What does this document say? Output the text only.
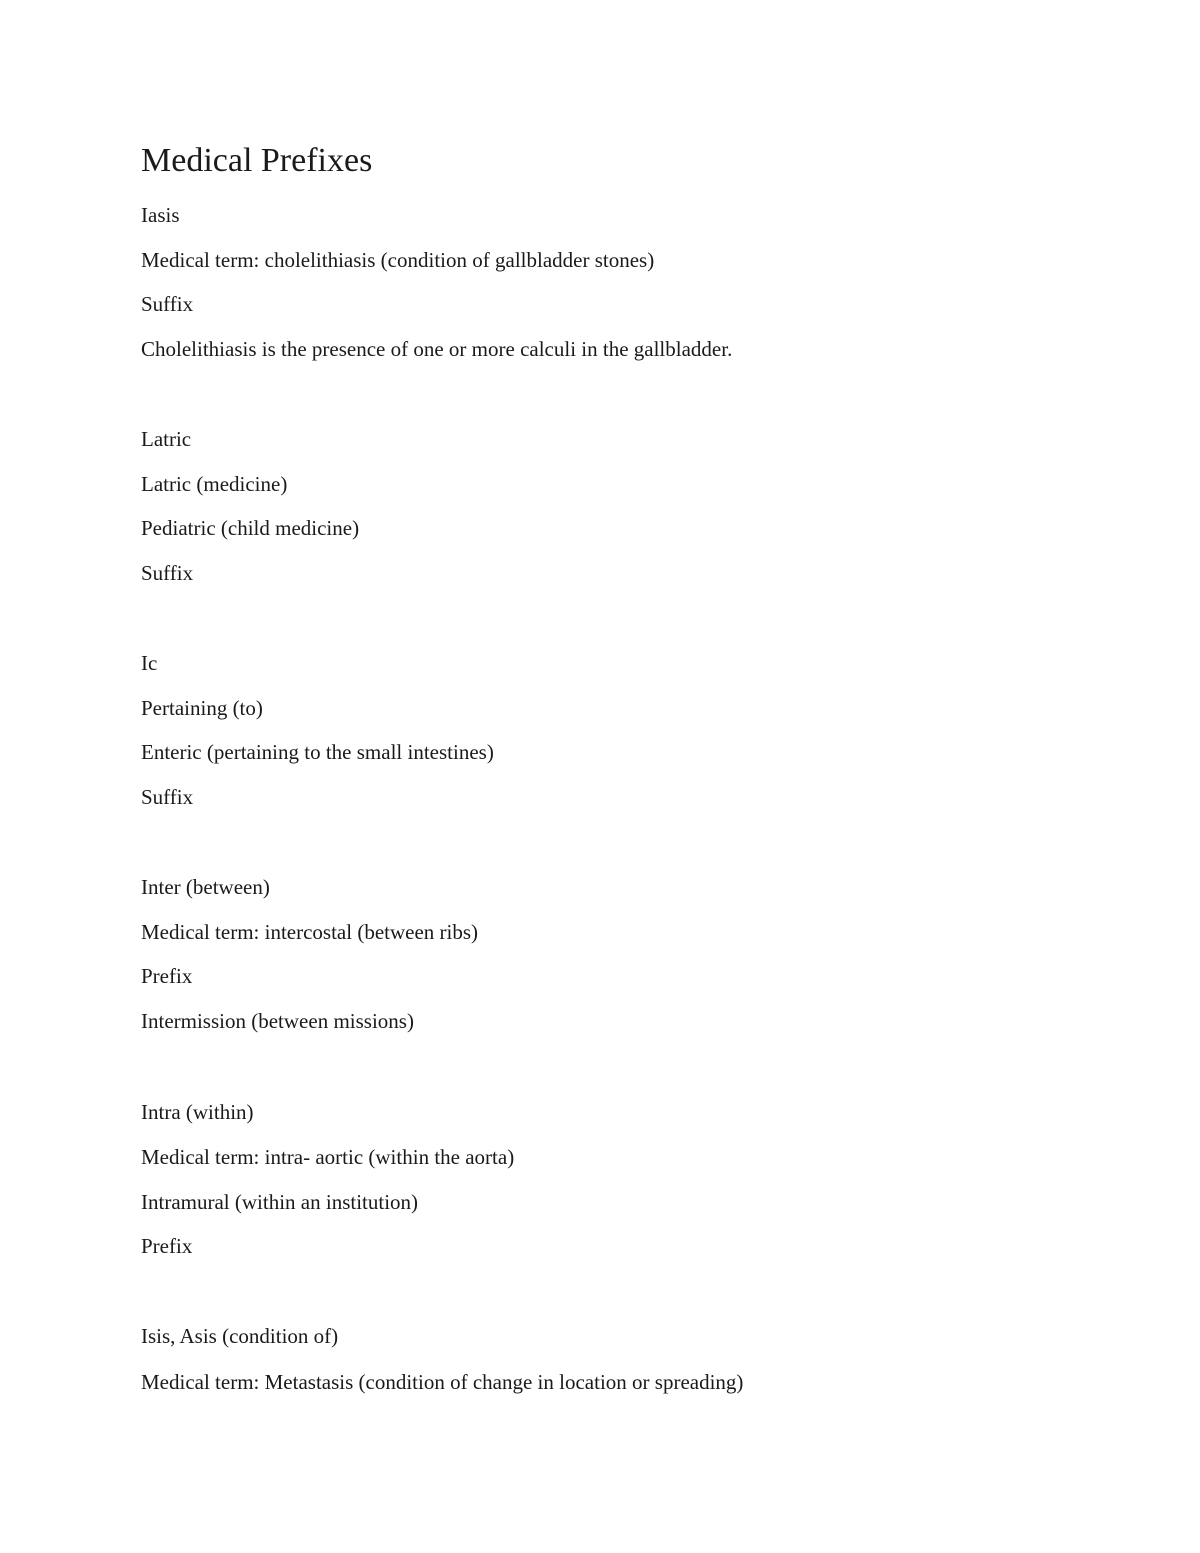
Medical Prefixes

Iasis

Medical term: cholelithiasis (condition of gallbladder stones)

Suffix

Cholelithiasis is the presence of one or more calculi in the gallbladder.

Latric

Latric (medicine)

Pediatric (child medicine)

Suffix

Ic

Pertaining (to)

Enteric (pertaining to the small intestines)

Suffix

Inter (between)

Medical term: intercostal (between ribs)

Prefix

Intermission (between missions)

Intra (within)

Medical term: intra- aortic (within the aorta)

Intramural (within an institution)

Prefix

Isis, Asis (condition of)

Medical term: Metastasis (condition of change in location or spreading)
